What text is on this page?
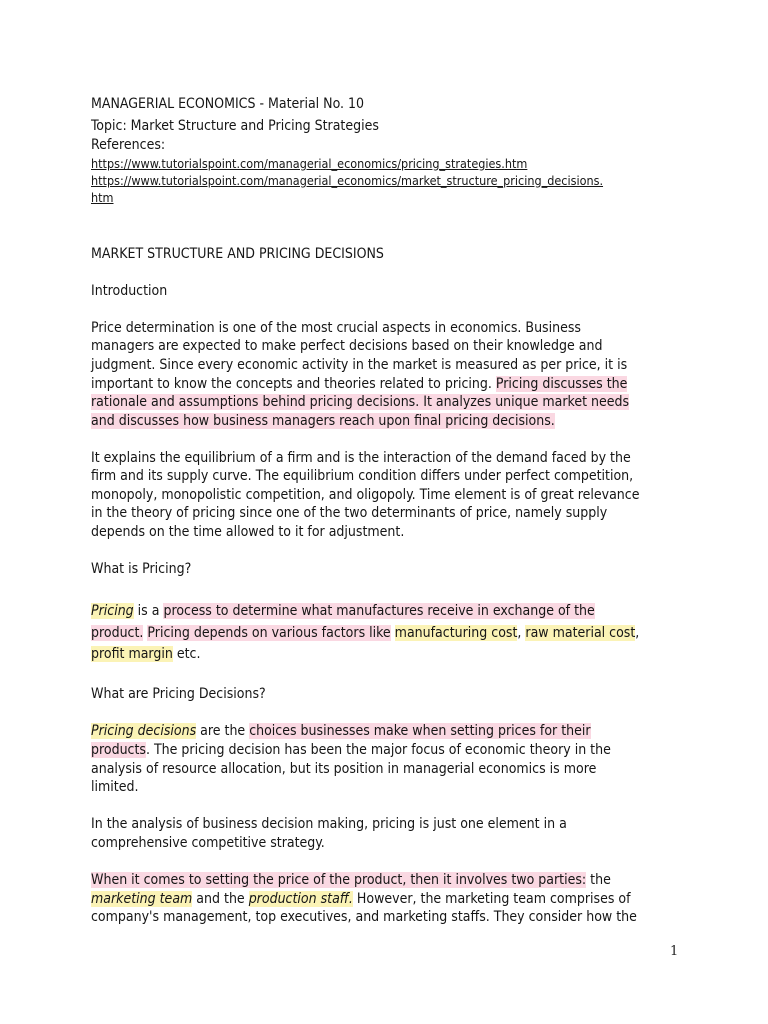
MANAGERIAL ECONOMICS - Material No. 10
Topic: Market Structure and Pricing Strategies
References:
https://www.tutorialspoint.com/managerial_economics/pricing_strategies.htm
https://www.tutorialspoint.com/managerial_economics/market_structure_pricing_decisions.
htm
MARKET STRUCTURE AND PRICING DECISIONS
Introduction
Price determination is one of the most crucial aspects in economics. Business
managers are expected to make perfect decisions based on their knowledge and
judgment. Since every economic activity in the market is measured as per price, it is
important to know the concepts and theories related to pricing. Pricing discusses the
rationale and assumptions behind pricing decisions. It analyzes unique market needs
and discusses how business managers reach upon final pricing decisions.
It explains the equilibrium of a firm and is the interaction of the demand faced by the
firm and its supply curve. The equilibrium condition differs under perfect competition,
monopoly, monopolistic competition, and oligopoly. Time element is of great relevance
in the theory of pricing since one of the two determinants of price, namely supply
depends on the time allowed to it for adjustment.
What is Pricing?
Pricing is a process to determine what manufactures receive in exchange of the
product. Pricing depends on various factors like manufacturing cost, raw material cost,
profit margin etc.
What are Pricing Decisions?
Pricing decisions are the choices businesses make when setting prices for their
products. The pricing decision has been the major focus of economic theory in the
analysis of resource allocation, but its position in managerial economics is more
limited.
In the analysis of business decision making, pricing is just one element in a
comprehensive competitive strategy.
When it comes to setting the price of the product, then it involves two parties: the
marketing team and the production staff. However, the marketing team comprises of
company's management, top executives, and marketing staffs. They consider how the
1
